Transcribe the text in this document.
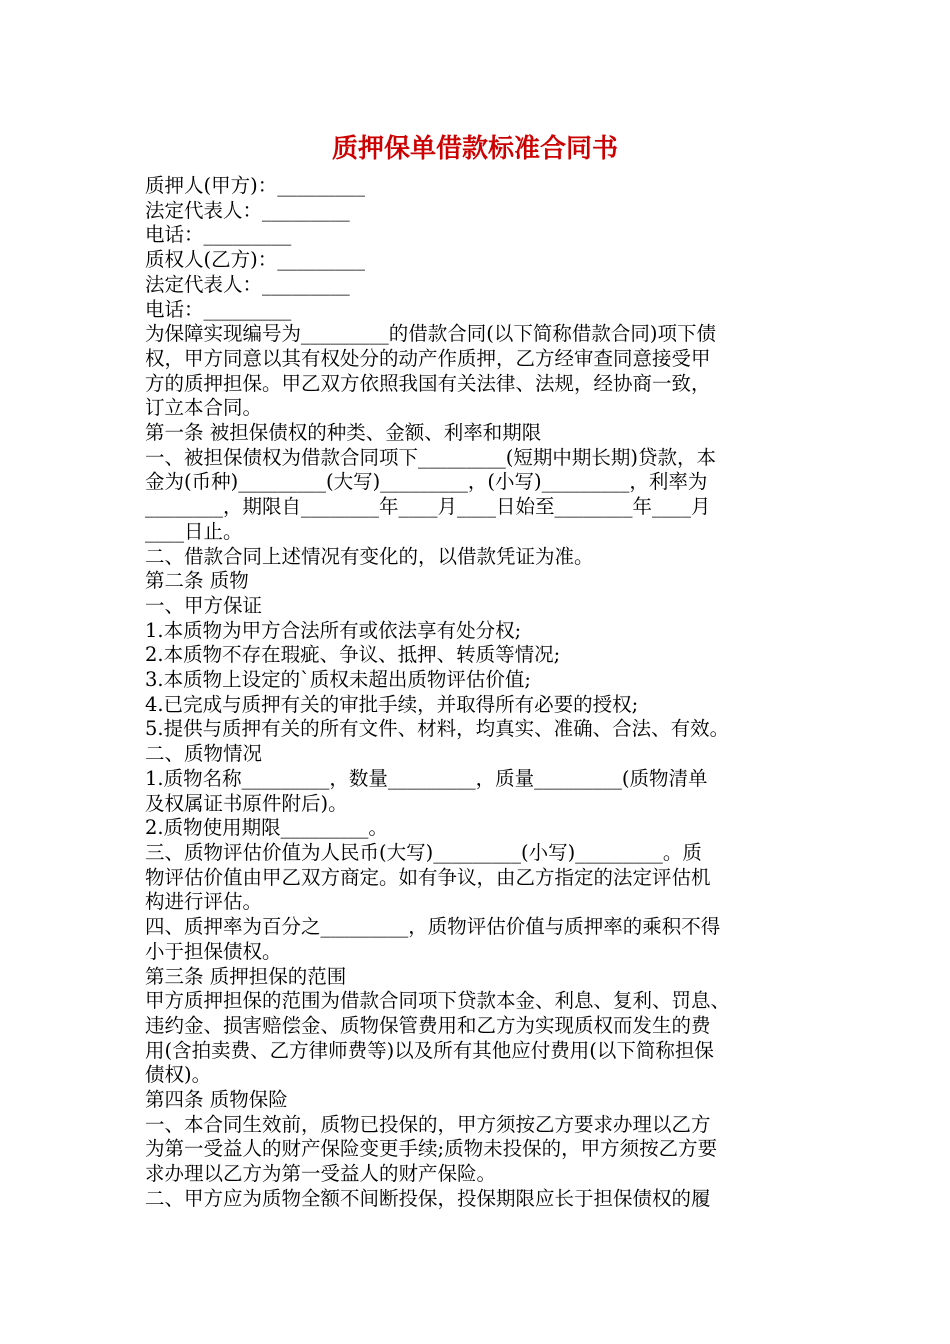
质押保单借款标准合同书
质押人(甲方)：_________
法定代表人：_________
电话：_________
质权人(乙方)：_________
法定代表人：_________
电话：_________
为保障实现编号为_________的借款合同(以下简称借款合同)项下债
权，甲方同意以其有权处分的动产作质押，乙方经审查同意接受甲
方的质押担保。甲乙双方依照我国有关法律、法规，经协商一致，
订立本合同。
第一条 被担保债权的种类、金额、利率和期限
一、被担保债权为借款合同项下_________(短期中期长期)贷款，本
金为(币种)_________(大写)_________，(小写)_________，利率为
________，期限自________年____月____日始至________年____月
____日止。
二、借款合同上述情况有变化的，以借款凭证为准。
第二条 质物
一、甲方保证
1.本质物为甲方合法所有或依法享有处分权;
2.本质物不存在瑕疵、争议、抵押、转质等情况;
3.本质物上设定的`质权未超出质物评估价值;
4.已完成与质押有关的审批手续，并取得所有必要的授权;
5.提供与质押有关的所有文件、材料，均真实、准确、合法、有效。
二、质物情况
1.质物名称_________，数量_________，质量_________(质物清单
及权属证书原件附后)。
2.质物使用期限_________。
三、质物评估价值为人民币(大写)_________(小写)_________。质
物评估价值由甲乙双方商定。如有争议，由乙方指定的法定评估机
构进行评估。
四、质押率为百分之_________，质物评估价值与质押率的乘积不得
小于担保债权。
第三条 质押担保的范围
甲方质押担保的范围为借款合同项下贷款本金、利息、复利、罚息、
违约金、损害赔偿金、质物保管费用和乙方为实现质权而发生的费
用(含拍卖费、乙方律师费等)以及所有其他应付费用(以下简称担保
债权)。
第四条 质物保险
一、本合同生效前，质物已投保的，甲方须按乙方要求办理以乙方
为第一受益人的财产保险变更手续;质物未投保的，甲方须按乙方要
求办理以乙方为第一受益人的财产保险。
二、甲方应为质物全额不间断投保，投保期限应长于担保债权的履
